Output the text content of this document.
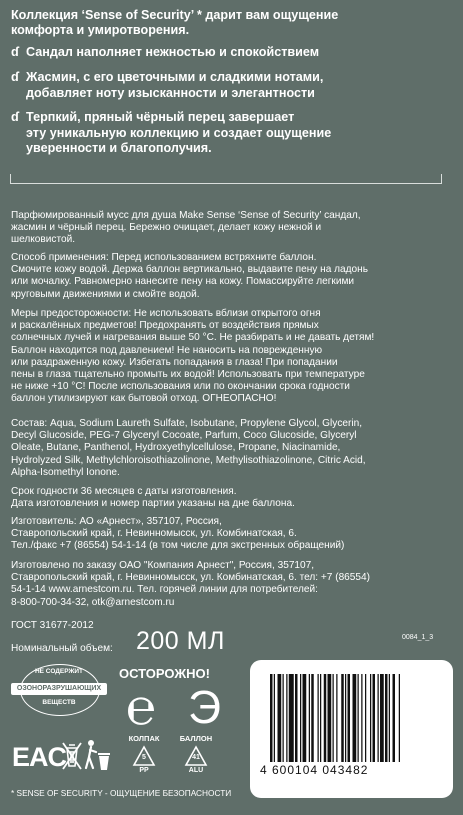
Коллекция ‘Sense of Security’ * дарит вам ощущение
комфорта и умиротворения.
ɗ Сандал наполняет нежностью и спокойствием
ɗ Жасмин, с его цветочными и сладкими нотами,
добавляет ноту изысканности и элегантности
ɗ Терпкий, пряный чёрный перец завершает
эту уникальную коллекцию и создает ощущение
уверенности и благополучия.
Парфюмированный мусс для душа Make Sense ‘Sense of Security’ сандал,
жасмин и чёрный перец. Бережно очищает, делает кожу нежной и
шелковистой.
Способ применения: Перед использованием встряхните баллон.
Смочите кожу водой. Держа баллон вертикально, выдавите пену на ладонь
или мочалку. Равномерно нанесите пену на кожу. Помассируйте легкими
круговыми движениями и смойте водой.
Меры предосторожности: Не использовать вблизи открытого огня
и раскалённых предметов! Предохранять от воздействия прямых
солнечных лучей и нагревания выше 50 °С. Не разбирать и не давать детям!
Баллон находится под давлением! Не наносить на поврежденную
или раздраженную кожу. Избегать попадания в глаза! При попадании
пены в глаза тщательно промыть их водой! Использовать при температуре
не ниже +10 °С! После использования или по окончании срока годности
баллон утилизируют как бытовой отход. ОГНЕОПАСНО!
Состав: Aqua, Sodium Laureth Sulfate, Isobutane, Propylene Glycol, Glycerin,
Decyl Glucoside, PEG-7 Glyceryl Cocoate, Parfum, Coco Glucoside, Glyceryl
Oleate, Butane, Panthenol, Hydroxyethylcellulose, Propane, Niacinamide,
Hydrolyzed Silk, Methylchloroisothiazolinone, Methylisothiazolinone, Citric Acid,
Alpha-Isomethyl Ionone.
Срок годности 36 месяцев с даты изготовления.
Дата изготовления и номер партии указаны на дне баллона.
Изготовитель: АО «Арнест», 357107, Россия,
Ставропольский край, г. Невинномысск, ул. Комбинатская, 6.
Тел./факс +7 (86554) 54-1-14 (в том числе для экстренных обращений)
Изготовлено по заказу ОАО "Компания Арнест", Россия, 357107,
Ставропольский край, г. Невинномысск, ул. Комбинатская, 6. тел: +7 (86554)
54-1-14 www.arnestcom.ru. Тел. горячей линии для потребителей:
8-800-700-34-32, otk@arnestcom.ru
ГОСТ 31677-2012
Номинальный объем: 200 МЛ	0084_1_3
ОСТОРОЖНО!
НЕ СОДЕРЖИТ
ОЗОНОРАЗРУШАЮЩИХ
ВЕЩЕСТВ	℮ Э
EAC
КОЛПАК
5
PP
БАЛЛОН
41
ALU	4 600104 043482
* SENSE OF SECURITY - ОЩУЩЕНИЕ БЕЗОПАСНОСТИ
